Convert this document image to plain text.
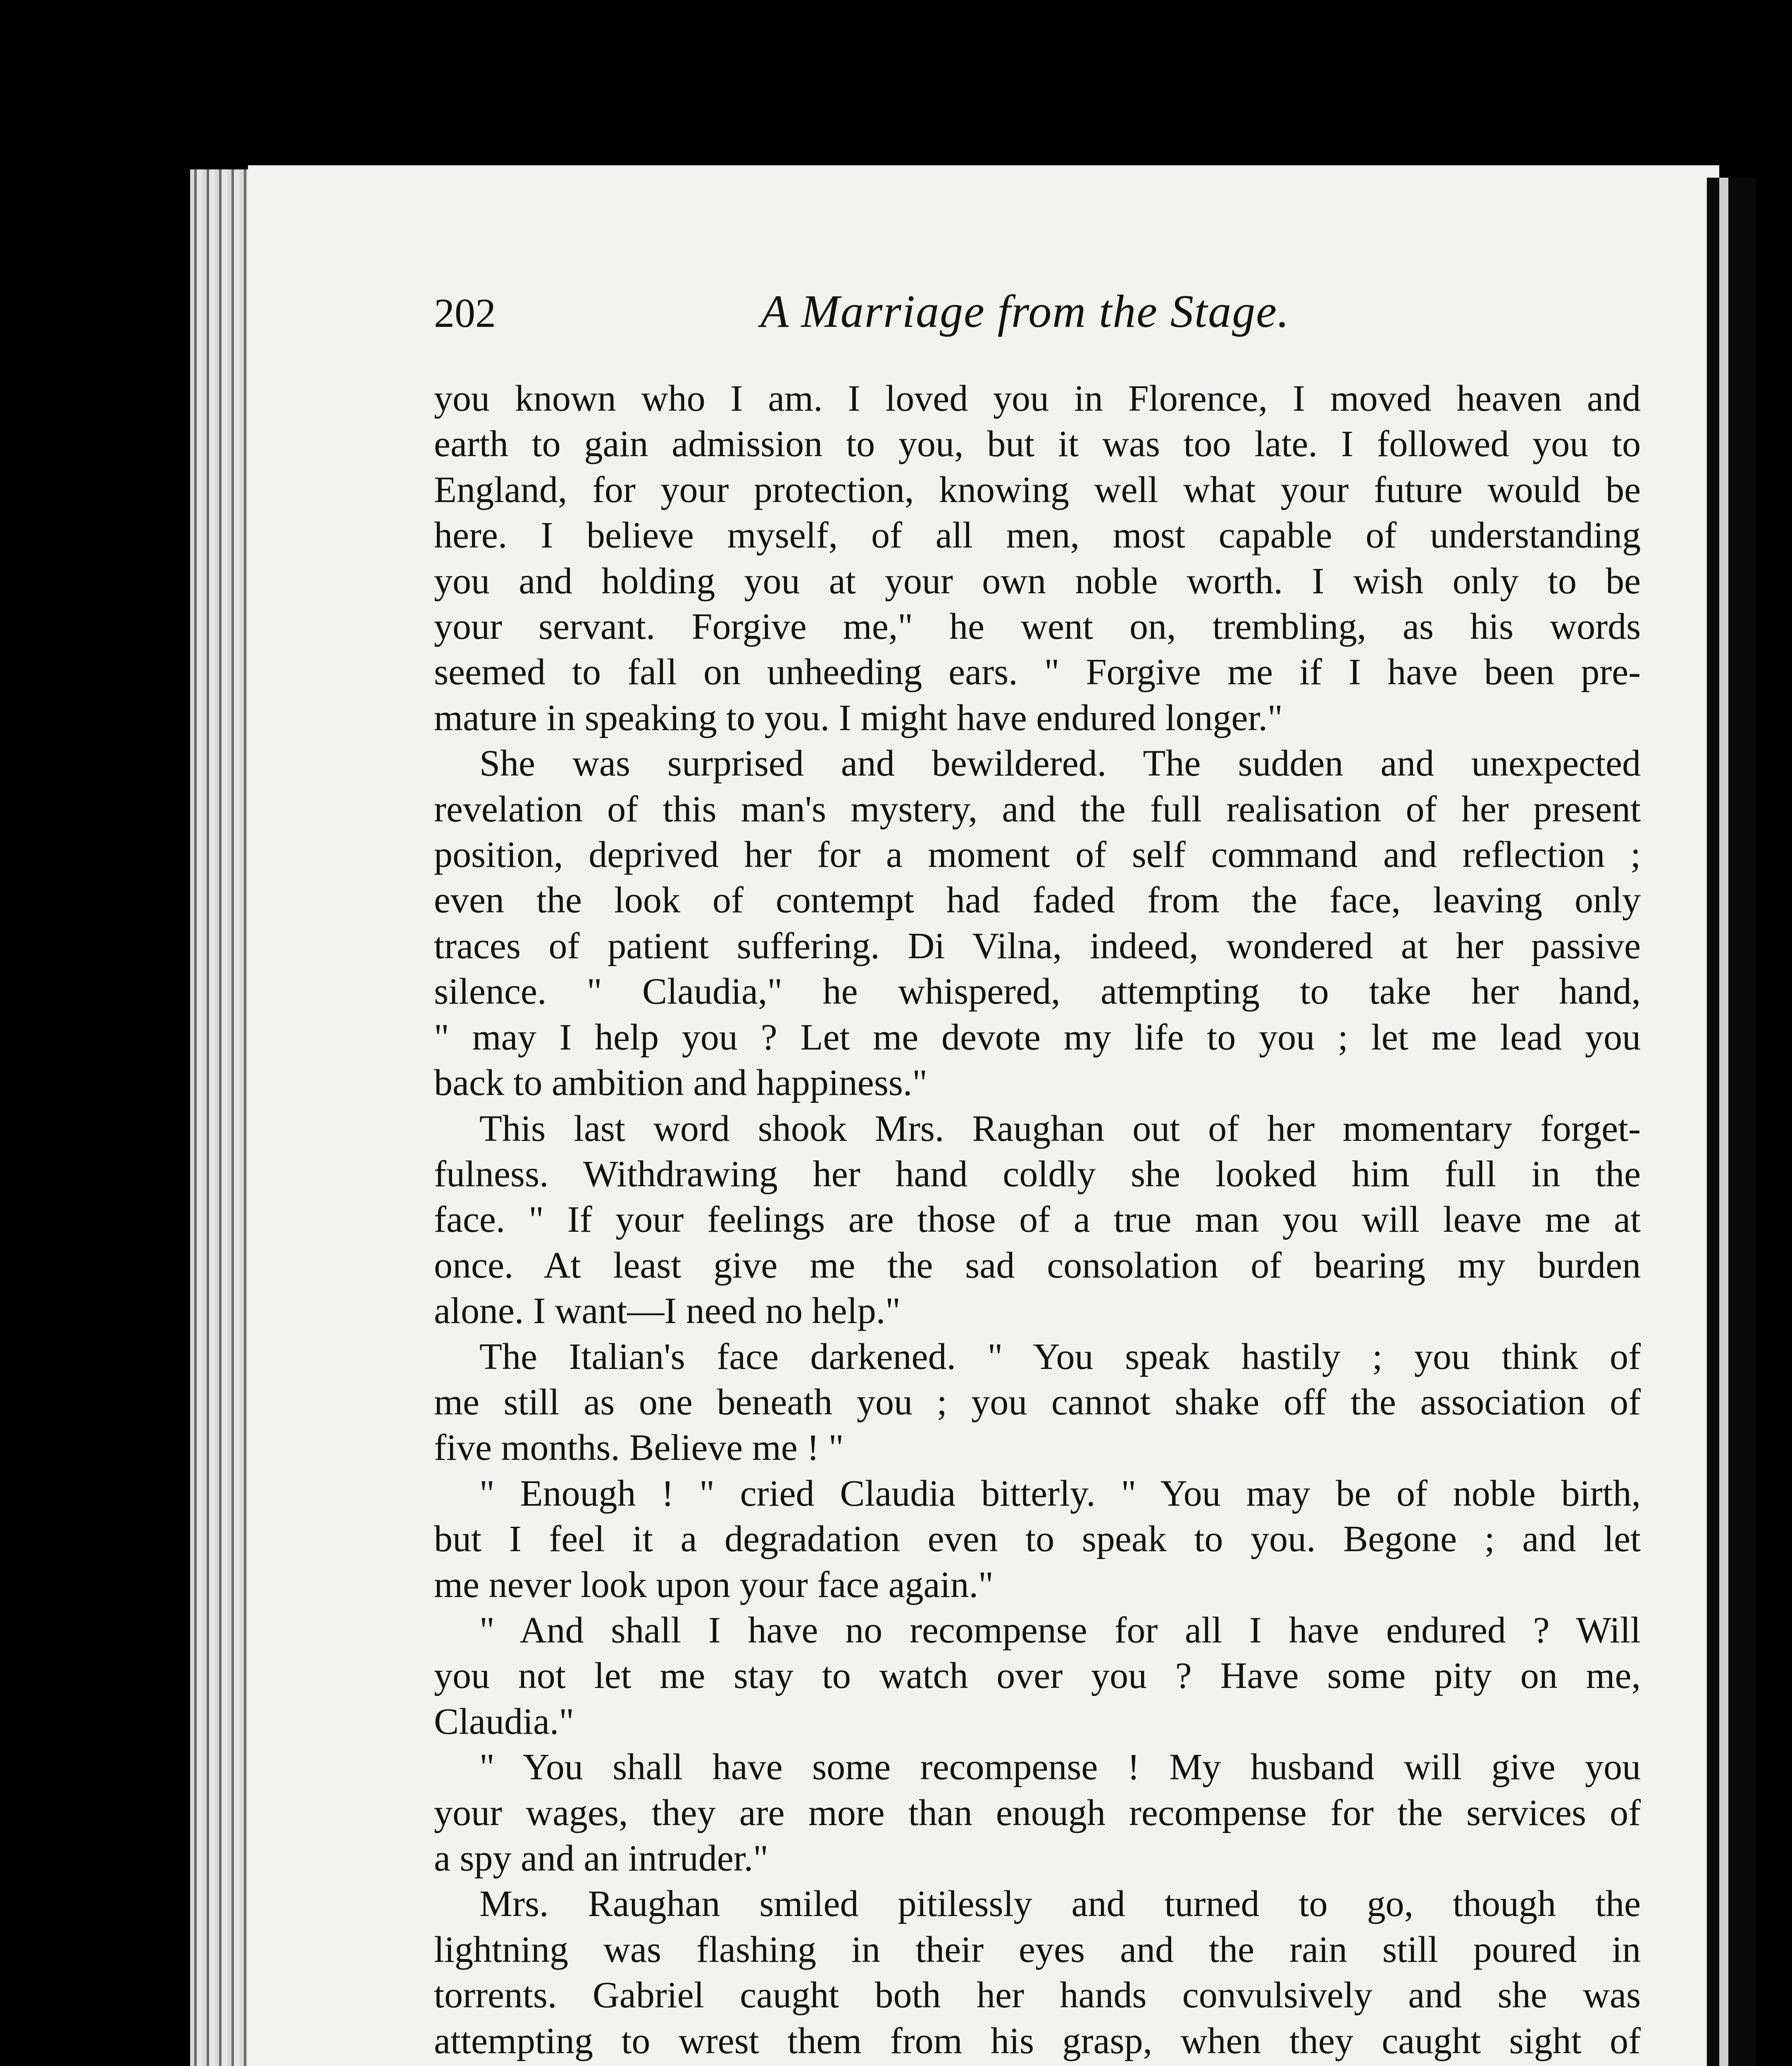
202	A Marriage from the Stage.
you known who I am. I loved you in Florence, I moved heaven and
earth to gain admission to you, but it was too late. I followed you to
England, for your protection, knowing well what your future would be
here. I believe myself, of all men, most capable of understanding
you and holding you at your own noble worth. I wish only to be
your servant. Forgive me," he went on, trembling, as his words
seemed to fall on unheeding ears. " Forgive me if I have been pre-
mature in speaking to you. I might have endured longer."
She was surprised and bewildered. The sudden and unexpected
revelation of this man's mystery, and the full realisation of her present
position, deprived her for a moment of self command and reflection ;
even the look of contempt had faded from the face, leaving only
traces of patient suffering. Di Vilna, indeed, wondered at her passive
silence. " Claudia," he whispered, attempting to take her hand,
" may I help you ? Let me devote my life to you ; let me lead you
back to ambition and happiness."
This last word shook Mrs. Raughan out of her momentary forget-
fulness. Withdrawing her hand coldly she looked him full in the
face. " If your feelings are those of a true man you will leave me at
once. At least give me the sad consolation of bearing my burden
alone. I want—I need no help."
The Italian's face darkened. " You speak hastily ; you think of
me still as one beneath you ; you cannot shake off the association of
five months. Believe me ! "
" Enough ! " cried Claudia bitterly. " You may be of noble birth,
but I feel it a degradation even to speak to you. Begone ; and let
me never look upon your face again."
" And shall I have no recompense for all I have endured ? Will
you not let me stay to watch over you ? Have some pity on me,
Claudia."
" You shall have some recompense ! My husband will give you
your wages, they are more than enough recompense for the services of
a spy and an intruder."
Mrs. Raughan smiled pitilessly and turned to go, though the
lightning was flashing in their eyes and the rain still poured in
torrents. Gabriel caught both her hands convulsively and she was
attempting to wrest them from his grasp, when they caught sight of
